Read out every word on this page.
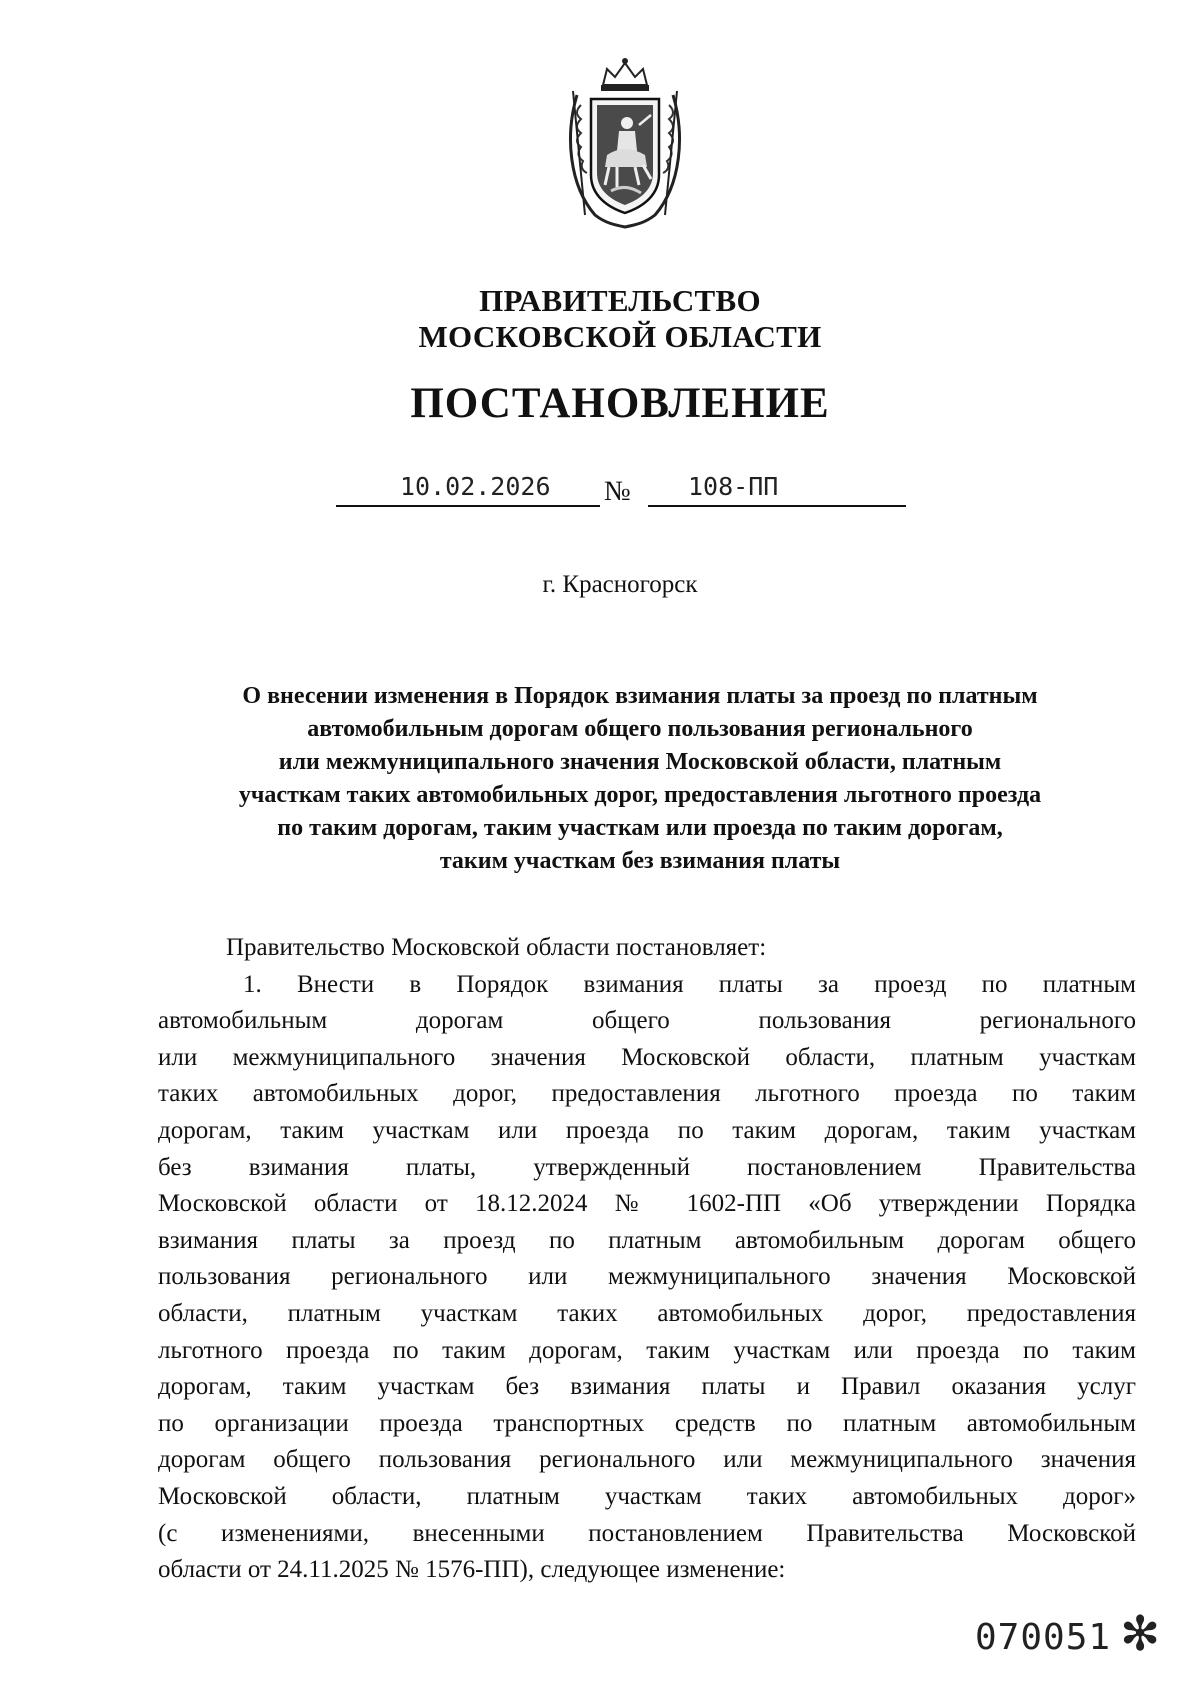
ПРАВИТЕЛЬСТВО
МОСКОВСКОЙ ОБЛАСТИ
ПОСТАНОВЛЕНИЕ
10.02.2026 № 108-ПП
г. Красногорск
О внесении изменения в Порядок взимания платы за проезд по платным
автомобильным дорогам общего пользования регионального
или межмуниципального значения Московской области, платным
участкам таких автомобильных дорог, предоставления льготного проезда
по таким дорогам, таким участкам или проезда по таким дорогам,
таким участкам без взимания платы
Правительство Московской области постановляет:
1. Внести в Порядок взимания платы за проезд по платным
автомобильным дорогам общего пользования регионального
или межмуниципального значения Московской области, платным участкам
таких автомобильных дорог, предоставления льготного проезда по таким
дорогам, таким участкам или проезда по таким дорогам, таким участкам
без взимания платы, утвержденный постановлением Правительства
Московской области от 18.12.2024 № 1602-ПП «Об утверждении Порядка
взимания платы за проезд по платным автомобильным дорогам общего
пользования регионального или межмуниципального значения Московской
области, платным участкам таких автомобильных дорог, предоставления
льготного проезда по таким дорогам, таким участкам или проезда по таким
дорогам, таким участкам без взимания платы и Правил оказания услуг
по организации проезда транспортных средств по платным автомобильным
дорогам общего пользования регионального или межмуниципального значения
Московской области, платным участкам таких автомобильных дорог»
(с изменениями, внесенными постановлением Правительства Московской
области от 24.11.2025 № 1576-ПП), следующее изменение:
070051 ✻
